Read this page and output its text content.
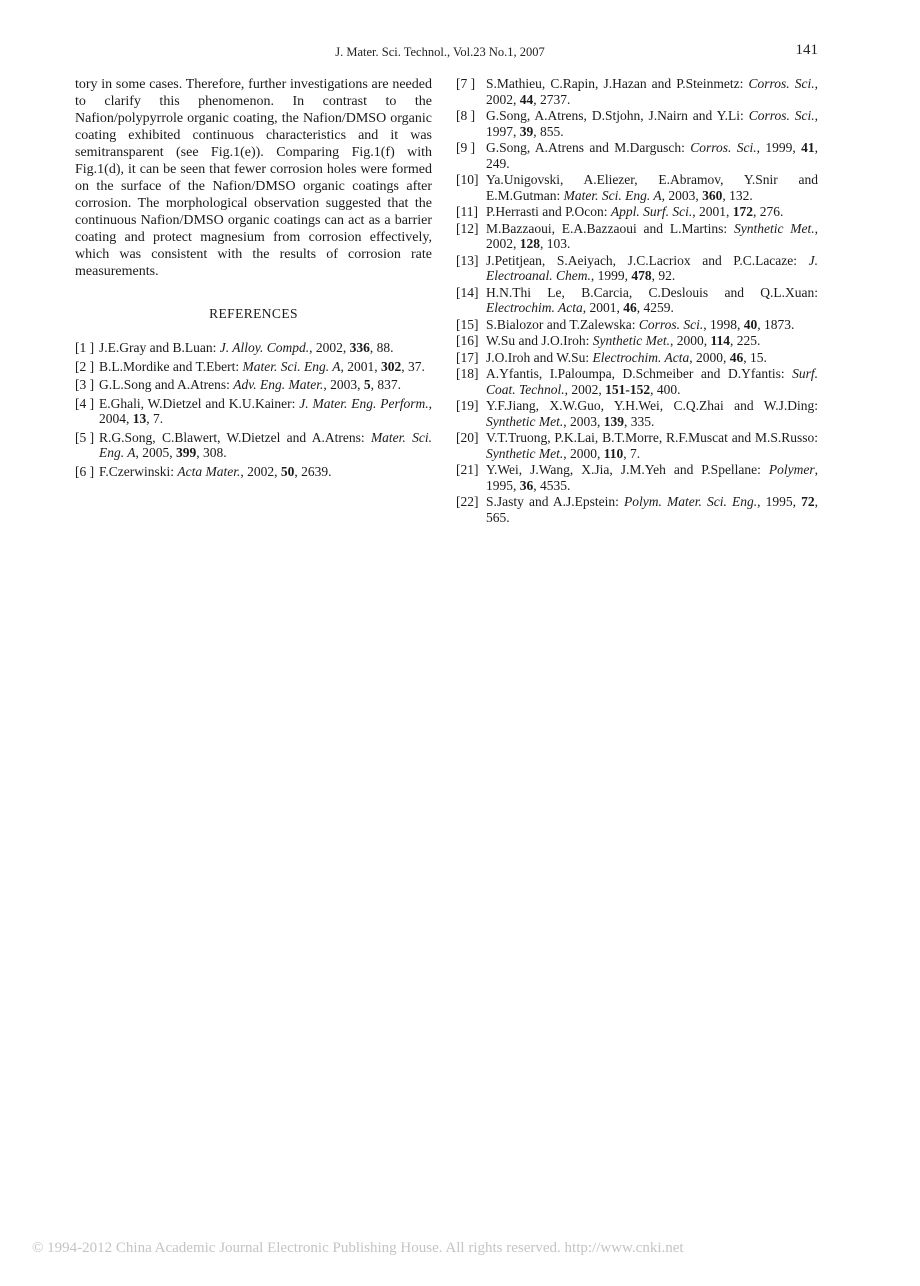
J. Mater. Sci. Technol., Vol.23 No.1, 2007	141

tory in some cases. Therefore, further investigations are needed to clarify this phenomenon. In contrast to the Nafion/polypyrrole organic coating, the Nafion/DMSO organic coating exhibited continuous characteristics and it was semitransparent (see Fig.1(e)). Comparing Fig.1(f) with Fig.1(d), it can be seen that fewer corrosion holes were formed on the surface of the Nafion/DMSO organic coatings after corrosion. The morphological observation suggested that the continuous Nafion/DMSO organic coatings can act as a barrier coating and protect magnesium from corrosion effectively, which was consistent with the results of corrosion rate measurements.

REFERENCES
[1 ] J.E.Gray and B.Luan: J. Alloy. Compd., 2002, 336, 88.
[2 ] B.L.Mordike and T.Ebert: Mater. Sci. Eng. A, 2001, 302, 37.
[3 ] G.L.Song and A.Atrens: Adv. Eng. Mater., 2003, 5, 837.
[4 ] E.Ghali, W.Dietzel and K.U.Kainer: J. Mater. Eng. Perform., 2004, 13, 7.
[5 ] R.G.Song, C.Blawert, W.Dietzel and A.Atrens: Mater. Sci. Eng. A, 2005, 399, 308.
[6 ] F.Czerwinski: Acta Mater., 2002, 50, 2639.
[7 ] S.Mathieu, C.Rapin, J.Hazan and P.Steinmetz: Corros. Sci., 2002, 44, 2737.
[8 ] G.Song, A.Atrens, D.Stjohn, J.Nairn and Y.Li: Corros. Sci., 1997, 39, 855.
[9 ] G.Song, A.Atrens and M.Dargusch: Corros. Sci., 1999, 41, 249.
[10] Ya.Unigovski, A.Eliezer, E.Abramov, Y.Snir and E.M.Gutman: Mater. Sci. Eng. A, 2003, 360, 132.
[11] P.Herrasti and P.Ocon: Appl. Surf. Sci., 2001, 172, 276.
[12] M.Bazzaoui, E.A.Bazzaoui and L.Martins: Synthetic Met., 2002, 128, 103.
[13] J.Petitjean, S.Aeiyach, J.C.Lacriox and P.C.Lacaze: J. Electroanal. Chem., 1999, 478, 92.
[14] H.N.Thi Le, B.Carcia, C.Deslouis and Q.L.Xuan: Electrochim. Acta, 2001, 46, 4259.
[15] S.Bialozor and T.Zalewska: Corros. Sci., 1998, 40, 1873.
[16] W.Su and J.O.Iroh: Synthetic Met., 2000, 114, 225.
[17] J.O.Iroh and W.Su: Electrochim. Acta, 2000, 46, 15.
[18] A.Yfantis, I.Paloumpa, D.Schmeiber and D.Yfantis: Surf. Coat. Technol., 2002, 151-152, 400.
[19] Y.F.Jiang, X.W.Guo, Y.H.Wei, C.Q.Zhai and W.J.Ding: Synthetic Met., 2003, 139, 335.
[20] V.T.Truong, P.K.Lai, B.T.Morre, R.F.Muscat and M.S.Russo: Synthetic Met., 2000, 110, 7.
[21] Y.Wei, J.Wang, X.Jia, J.M.Yeh and P.Spellane: Polymer, 1995, 36, 4535.
[22] S.Jasty and A.J.Epstein: Polym. Mater. Sci. Eng., 1995, 72, 565.
© 1994-2012 China Academic Journal Electronic Publishing House. All rights reserved. http://www.cnki.net
